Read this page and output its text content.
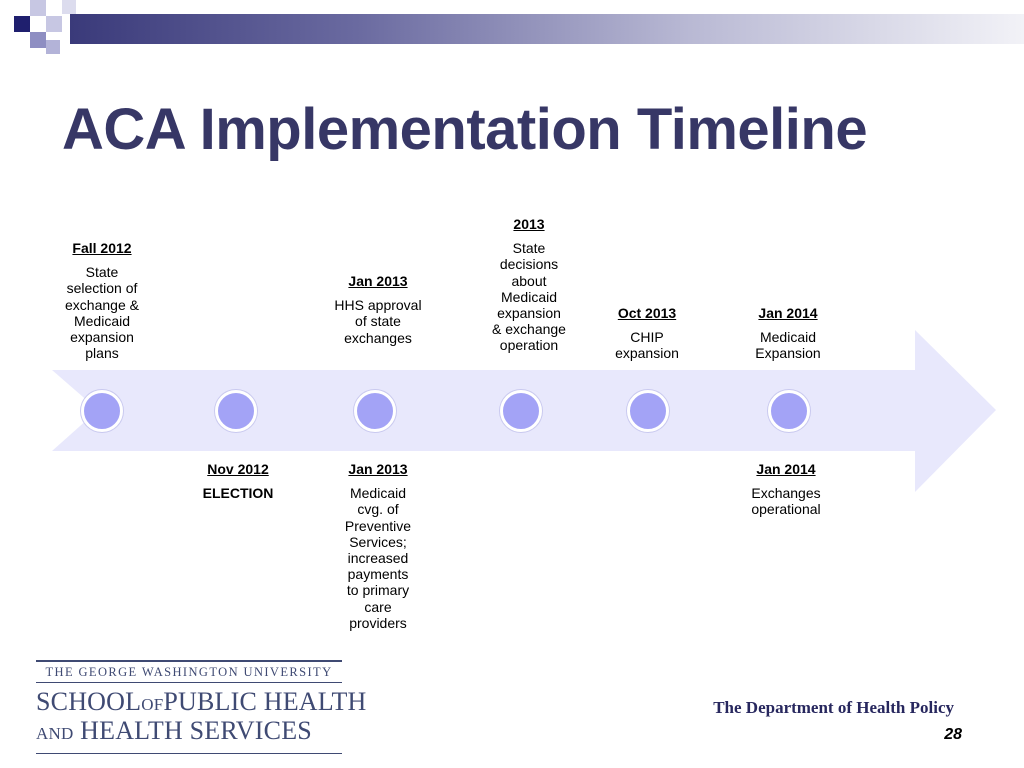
ACA Implementation Timeline
Fall 2012
State selection of exchange & Medicaid expansion plans
Jan 2013
HHS approval of state exchanges
2013
State decisions about Medicaid expansion & exchange operation
Oct 2013
CHIP expansion
Jan 2014
Medicaid Expansion
Nov 2012
ELECTION
Jan 2013
Medicaid cvg. of Preventive Services; increased payments to primary care providers
Jan 2014
Exchanges operational
THE GEORGE WASHINGTON UNIVERSITY
SCHOOLOFPUBLIC HEALTH
AND HEALTH SERVICES
The Department of Health Policy
28
